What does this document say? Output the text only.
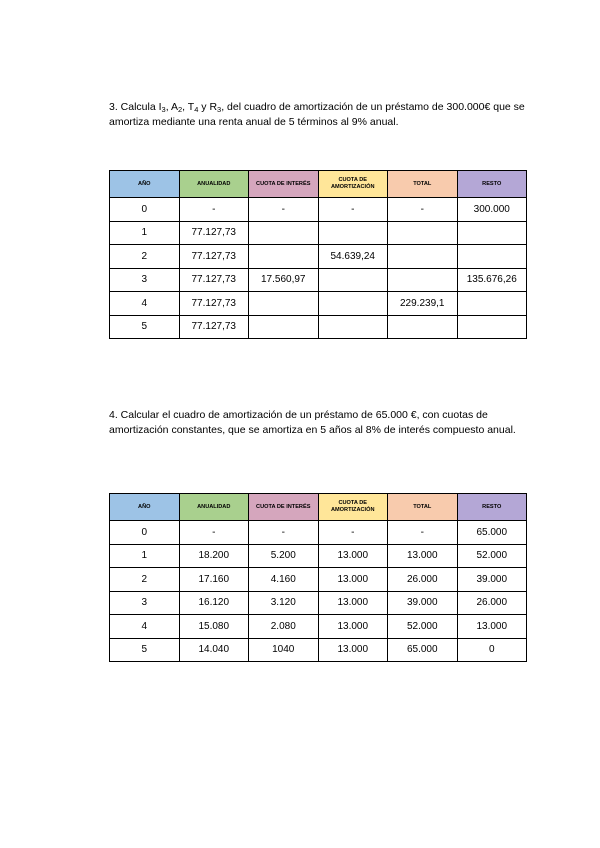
3. Calcula $I_3$, $A_2$, $T_4$ y $R_3$, del cuadro de amortización de un préstamo de 300.000€ que se amortiza mediante una renta anual de 5 términos al 9% anual.
AÑO	ANUALIDAD	CUOTA DE INTERÉS	CUOTA DE AMORTIZACIÓN	TOTAL	RESTO
0	-	-	-	-	300.000
1	77.127,73				
2	77.127,73		54.639,24		
3	77.127,73	17.560,97			135.676,26
4	77.127,73			229.239,1	
5	77.127,73				
4. Calcular el cuadro de amortización de un préstamo de 65.000 €, con cuotas de amortización constantes, que se amortiza en 5 años al 8% de interés compuesto anual.
AÑO	ANUALIDAD	CUOTA DE INTERÉS	CUOTA DE AMORTIZACIÓN	TOTAL	RESTO
0	-	-	-	-	65.000
1	18.200	5.200	13.000	13.000	52.000
2	17.160	4.160	13.000	26.000	39.000
3	16.120	3.120	13.000	39.000	26.000
4	15.080	2.080	13.000	52.000	13.000
5	14.040	1040	13.000	65.000	0
